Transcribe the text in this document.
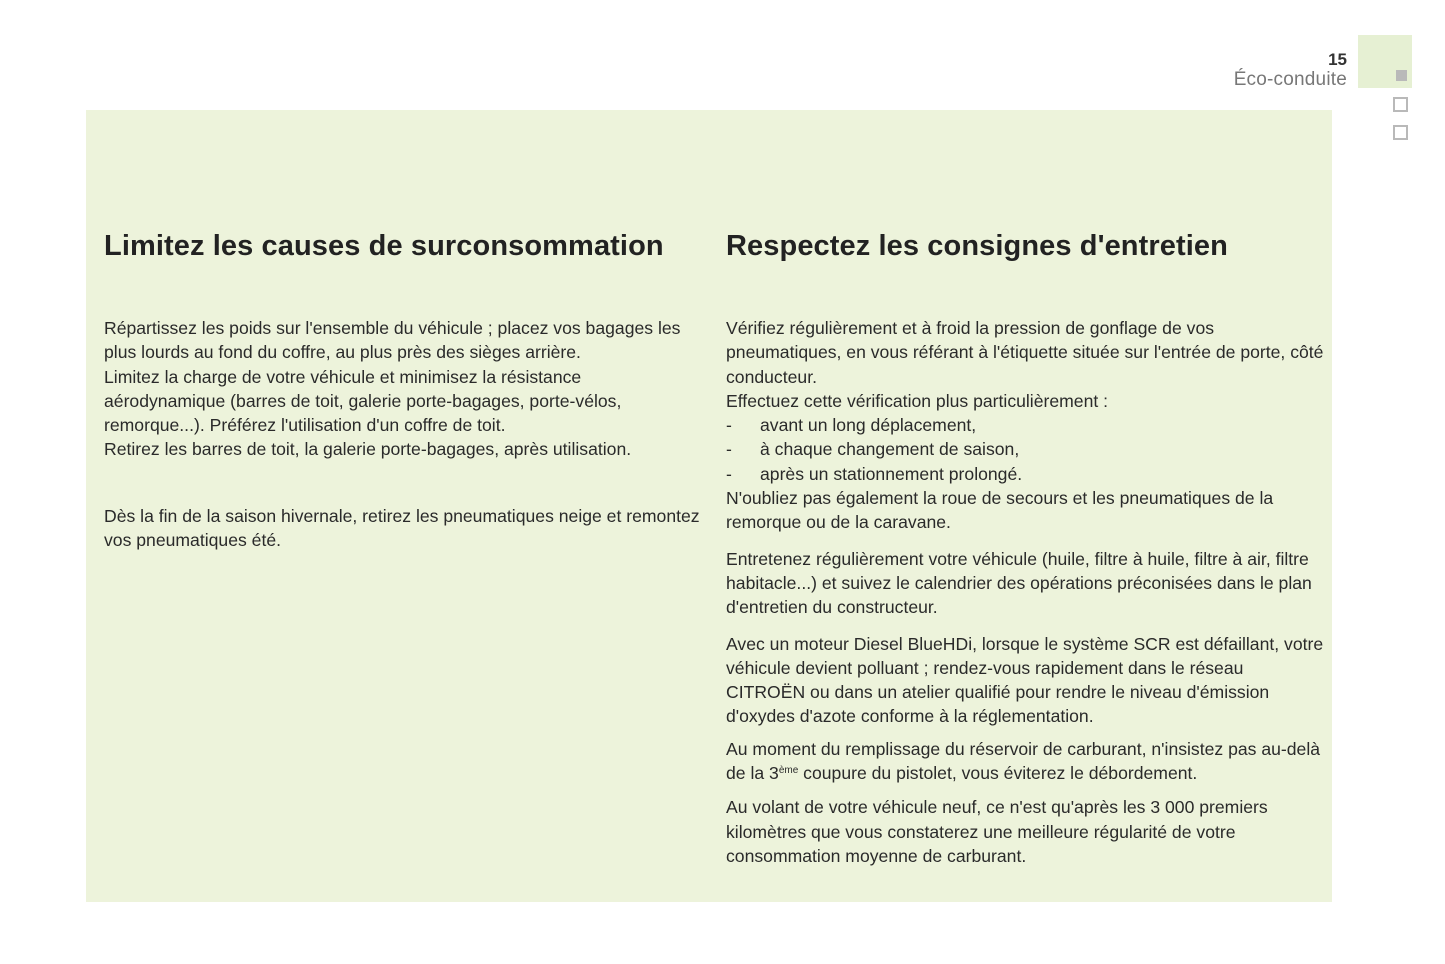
15
Éco-conduite
Limitez les causes de surconsommation

Répartissez les poids sur l'ensemble du véhicule ; placez vos bagages les plus lourds au fond du coffre, au plus près des sièges arrière.

Limitez la charge de votre véhicule et minimisez la résistance aérodynamique (barres de toit, galerie porte-bagages, porte-vélos, remorque...). Préférez l'utilisation d'un coffre de toit.

Retirez les barres de toit, la galerie porte-bagages, après utilisation.

Dès la fin de la saison hivernale, retirez les pneumatiques neige et remontez vos pneumatiques été.

Respectez les consignes d'entretien

Vérifiez régulièrement et à froid la pression de gonflage de vos pneumatiques, en vous référant à l'étiquette située sur l'entrée de porte, côté conducteur.

Effectuez cette vérification plus particulièrement :

- avant un long déplacement,
- à chaque changement de saison,
- après un stationnement prolongé.

N'oubliez pas également la roue de secours et les pneumatiques de la remorque ou de la caravane.

Entretenez régulièrement votre véhicule (huile, filtre à huile, filtre à air, filtre habitacle...) et suivez le calendrier des opérations préconisées dans le plan d'entretien du constructeur.

Avec un moteur Diesel BlueHDi, lorsque le système SCR est défaillant, votre véhicule devient polluant ; rendez-vous rapidement dans le réseau CITROËN ou dans un atelier qualifié pour rendre le niveau d'émission d'oxydes d'azote conforme à la réglementation.

Au moment du remplissage du réservoir de carburant, n'insistez pas au-delà de la 3ème coupure du pistolet, vous éviterez le débordement.

Au volant de votre véhicule neuf, ce n'est qu'après les 3 000 premiers kilomètres que vous constaterez une meilleure régularité de votre consommation moyenne de carburant.
